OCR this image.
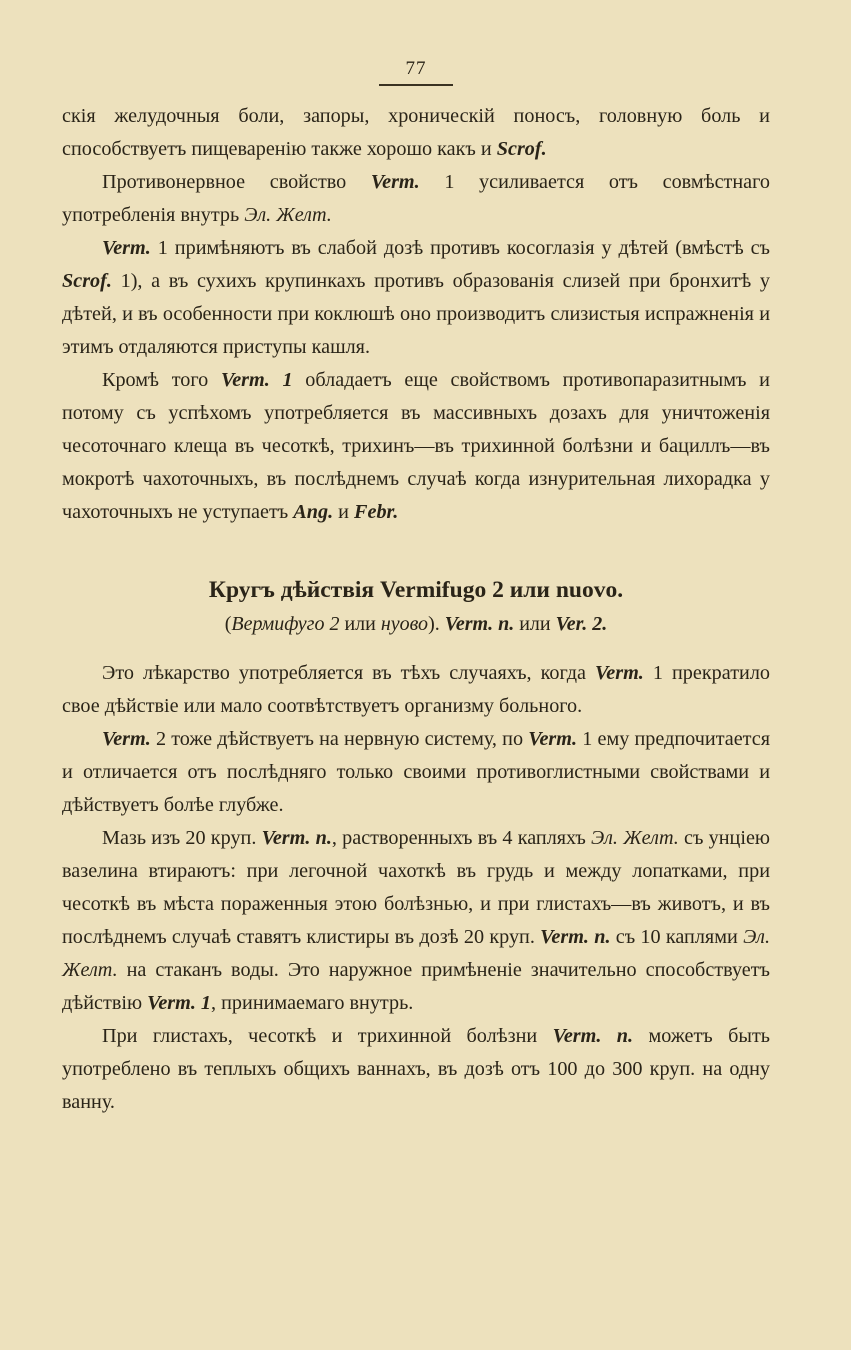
77

скія желудочныя боли, запоры, хроническій поносъ, головную боль и способствуетъ пищеваренію также хорошо какъ и Scrof.

Противонервное свойство Verm. 1 усиливается отъ совмѣстнаго употребленія внутрь Эл. Желт.

Verm. 1 примѣняютъ въ слабой дозѣ противъ косоглазія у дѣтей (вмѣстѣ съ Scrof. 1), а въ сухихъ крупинкахъ противъ образованія слизей при бронхитѣ у дѣтей, и въ особенности при коклюшѣ оно производитъ слизистыя испражненія и этимъ отдаляются приступы кашля.

Кромѣ того Verm. 1 обладаетъ еще свойствомъ противопаразитнымъ и потому съ успѣхомъ употребляется въ массивныхъ дозахъ для уничтоженія чесоточнаго клеща въ чесоткѣ, трихинъ—въ трихинной болѣзни и бациллъ—въ мокротѣ чахоточныхъ, въ послѣднемъ случаѣ когда изнурительная лихорадка у чахоточныхъ не уступаетъ Ang. и Febr.

Кругъ дѣйствія Vermifugo 2 или nuovo.
(Вермифуго 2 или нуово). Verm. n. или Ver. 2.

Это лѣкарство употребляется въ тѣхъ случаяхъ, когда Verm. 1 прекратило свое дѣйствіе или мало соотвѣтствуетъ организму больного.

Verm. 2 тоже дѣйствуетъ на нервную систему, по Verm. 1 ему предпочитается и отличается отъ послѣдняго только своими противоглистными свойствами и дѣйствуетъ болѣе глубже.

Мазь изъ 20 круп. Verm. n., растворенныхъ въ 4 капляхъ Эл. Желт. съ унціею вазелина втираютъ: при легочной чахоткѣ въ грудь и между лопатками, при чесоткѣ въ мѣста пораженныя этою болѣзнью, и при глистахъ—въ животъ, и въ послѣднемъ случаѣ ставятъ клистиры въ дозѣ 20 круп. Verm. n. съ 10 каплями Эл. Желт. на стаканъ воды. Это наружное примѣненіе значительно способствуетъ дѣйствію Verm. 1, принимаемаго внутрь.

При глистахъ, чесоткѣ и трихинной болѣзни Verm. n. можетъ быть употреблено въ теплыхъ общихъ ваннахъ, въ дозѣ отъ 100 до 300 круп. на одну ванну.
